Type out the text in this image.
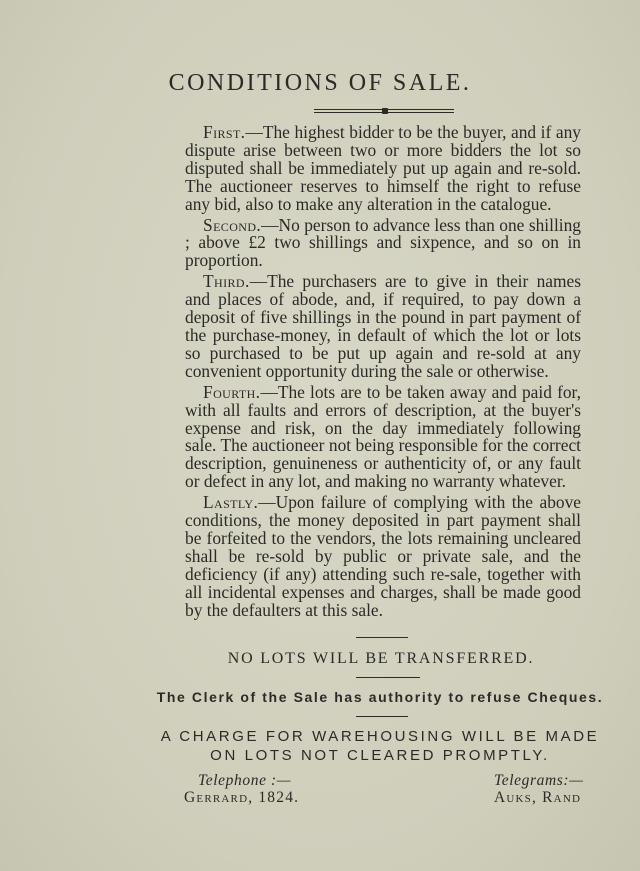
CONDITIONS OF SALE.

First.—The highest bidder to be the buyer, and if any dispute arise between two or more bidders the lot so disputed shall be immediately put up again and re-sold. The auctioneer reserves to himself the right to refuse any bid, also to make any alteration in the catalogue.

Second.—No person to advance less than one shilling ; above £2 two shillings and sixpence, and so on in proportion.

Third.—The purchasers are to give in their names and places of abode, and, if required, to pay down a deposit of five shillings in the pound in part payment of the purchase-money, in default of which the lot or lots so purchased to be put up again and re-sold at any convenient opportunity during the sale or otherwise.

Fourth.—The lots are to be taken away and paid for, with all faults and errors of description, at the buyer's expense and risk, on the day immediately following sale. The auctioneer not being responsible for the correct description, genuineness or authenticity of, or any fault or defect in any lot, and making no warranty whatever.

Lastly.—Upon failure of complying with the above conditions, the money deposited in part payment shall be forfeited to the vendors, the lots remaining uncleared shall be re-sold by public or private sale, and the deficiency (if any) attending such re-sale, together with all incidental expenses and charges, shall be made good by the defaulters at this sale.

NO LOTS WILL BE TRANSFERRED.
The Clerk of the Sale has authority to refuse Cheques.
A CHARGE FOR WAREHOUSING WILL BE MADE
ON LOTS NOT CLEARED PROMPTLY.
Telephone :—
Gerrard, 1824.
Telegrams:—
Auks, Rand
